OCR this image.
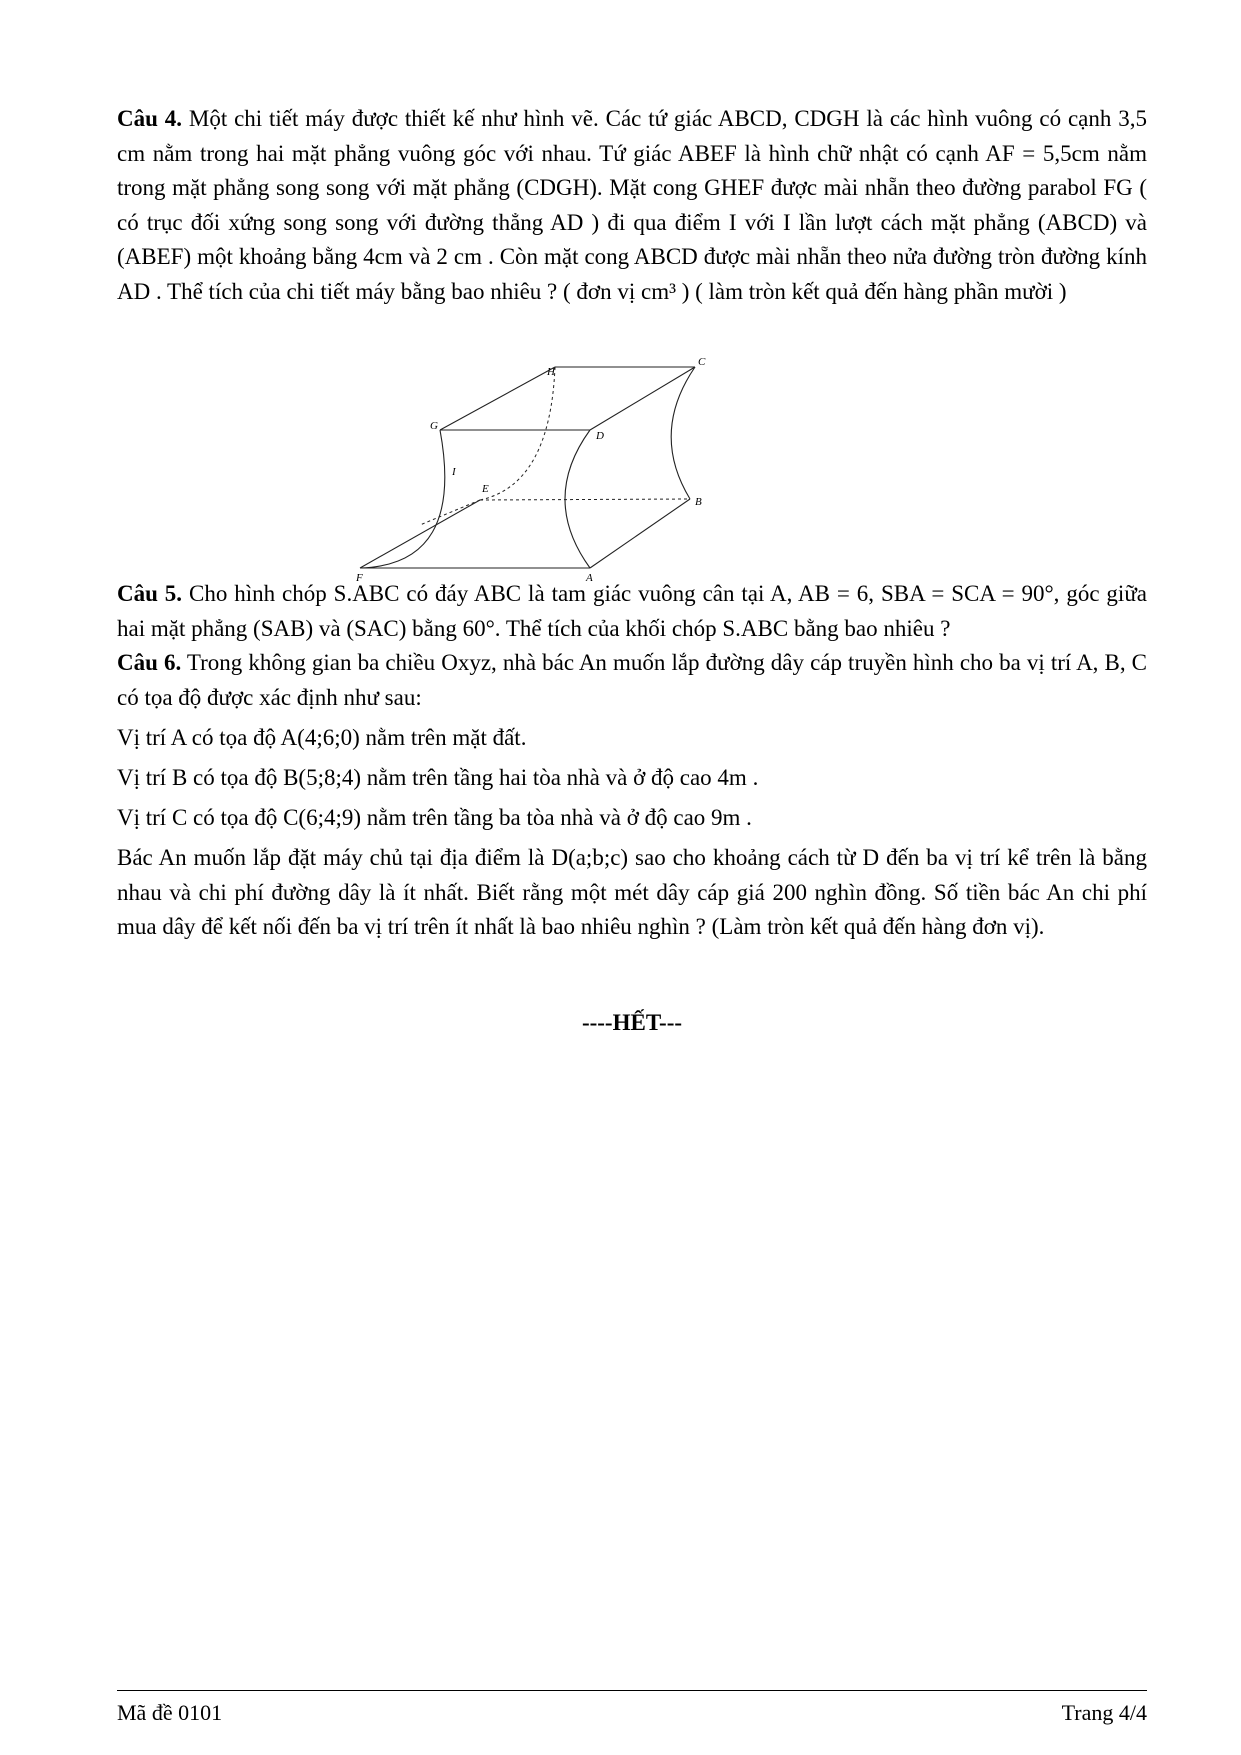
Câu 4. Một chi tiết máy được thiết kế như hình vẽ. Các tứ giác ABCD, CDGH là các hình vuông có cạnh 3,5 cm nằm trong hai mặt phẳng vuông góc với nhau. Tứ giác ABEF là hình chữ nhật có cạnh AF = 5,5cm nằm trong mặt phẳng song song với mặt phẳng (CDGH). Mặt cong GHEF được mài nhẵn theo đường parabol FG ( có trục đối xứng song song với đường thẳng AD ) đi qua điểm I với I lần lượt cách mặt phẳng (ABCD) và (ABEF) một khoảng bằng 4cm và 2 cm . Còn mặt cong ABCD được mài nhẵn theo nửa đường tròn đường kính AD . Thể tích của chi tiết máy bằng bao nhiêu ? ( đơn vị cm³ ) ( làm tròn kết quả đến hàng phần mười )

Câu 5. Cho hình chóp S.ABC có đáy ABC là tam giác vuông cân tại A, AB = 6, SBA = SCA = 90°, góc giữa hai mặt phẳng (SAB) và (SAC) bằng 60°. Thể tích của khối chóp S.ABC bằng bao nhiêu ?

Câu 6. Trong không gian ba chiều Oxyz, nhà bác An muốn lắp đường dây cáp truyền hình cho ba vị trí A, B, C có tọa độ được xác định như sau:

Vị trí A có tọa độ A(4;6;0) nằm trên mặt đất.

Vị trí B có tọa độ B(5;8;4) nằm trên tầng hai tòa nhà và ở độ cao 4m .

Vị trí C có tọa độ C(6;4;9) nằm trên tầng ba tòa nhà và ở độ cao 9m .

Bác An muốn lắp đặt máy chủ tại địa điểm là D(a;b;c) sao cho khoảng cách từ D đến ba vị trí kể trên là bằng nhau và chi phí đường dây là ít nhất. Biết rằng một mét dây cáp giá 200 nghìn đồng. Số tiền bác An chi phí mua dây để kết nối đến ba vị trí trên ít nhất là bao nhiêu nghìn ? (Làm tròn kết quả đến hàng đơn vị).

----HẾT---
H
C
G
D
I
E
B
F	A
Mã đề 0101	Trang 4/4
